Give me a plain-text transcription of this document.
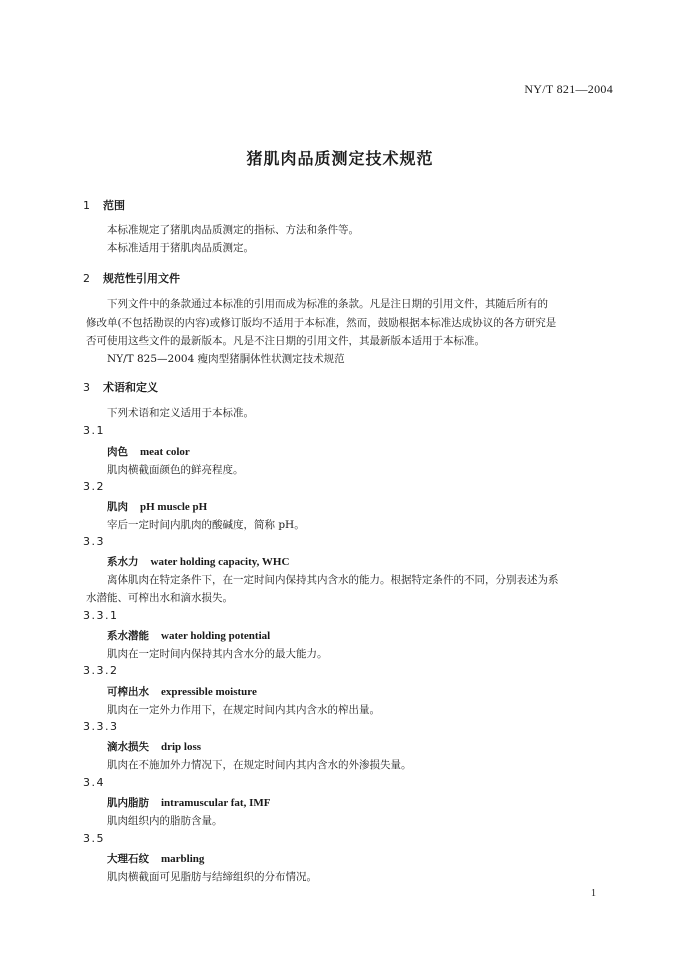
NY/T 821—2004
猪肌肉品质测定技术规范
1 范围
本标准规定了猪肌肉品质测定的指标、方法和条件等。
本标准适用于猪肌肉品质测定。
2 规范性引用文件
下列文件中的条款通过本标准的引用而成为标准的条款。凡是注日期的引用文件，其随后所有的
修改单(不包括勘误的内容)或修订版均不适用于本标准，然而，鼓励根据本标准达成协议的各方研究是
否可使用这些文件的最新版本。凡是不注日期的引用文件，其最新版本适用于本标准。
NY/T 825—2004 瘦肉型猪胴体性状测定技术规范
3 术语和定义
下列术语和定义适用于本标准。
3.1
肉色 meat color
肌肉横截面颜色的鲜亮程度。
3.2
肌肉 pH muscle pH
宰后一定时间内肌肉的酸碱度，简称 pH。
3.3
系水力 water holding capacity, WHC
离体肌肉在特定条件下，在一定时间内保持其内含水的能力。根据特定条件的不同，分别表述为系
水潜能、可榨出水和滴水损失。
3.3.1
系水潜能 water holding potential
肌肉在一定时间内保持其内含水分的最大能力。
3.3.2
可榨出水 expressible moisture
肌肉在一定外力作用下，在规定时间内其内含水的榨出量。
3.3.3
滴水损失 drip loss
肌肉在不施加外力情况下，在规定时间内其内含水的外渗损失量。
3.4
肌内脂肪 intramuscular fat, IMF
肌肉组织内的脂肪含量。
3.5
大理石纹 marbling
肌肉横截面可见脂肪与结缔组织的分布情况。
1
